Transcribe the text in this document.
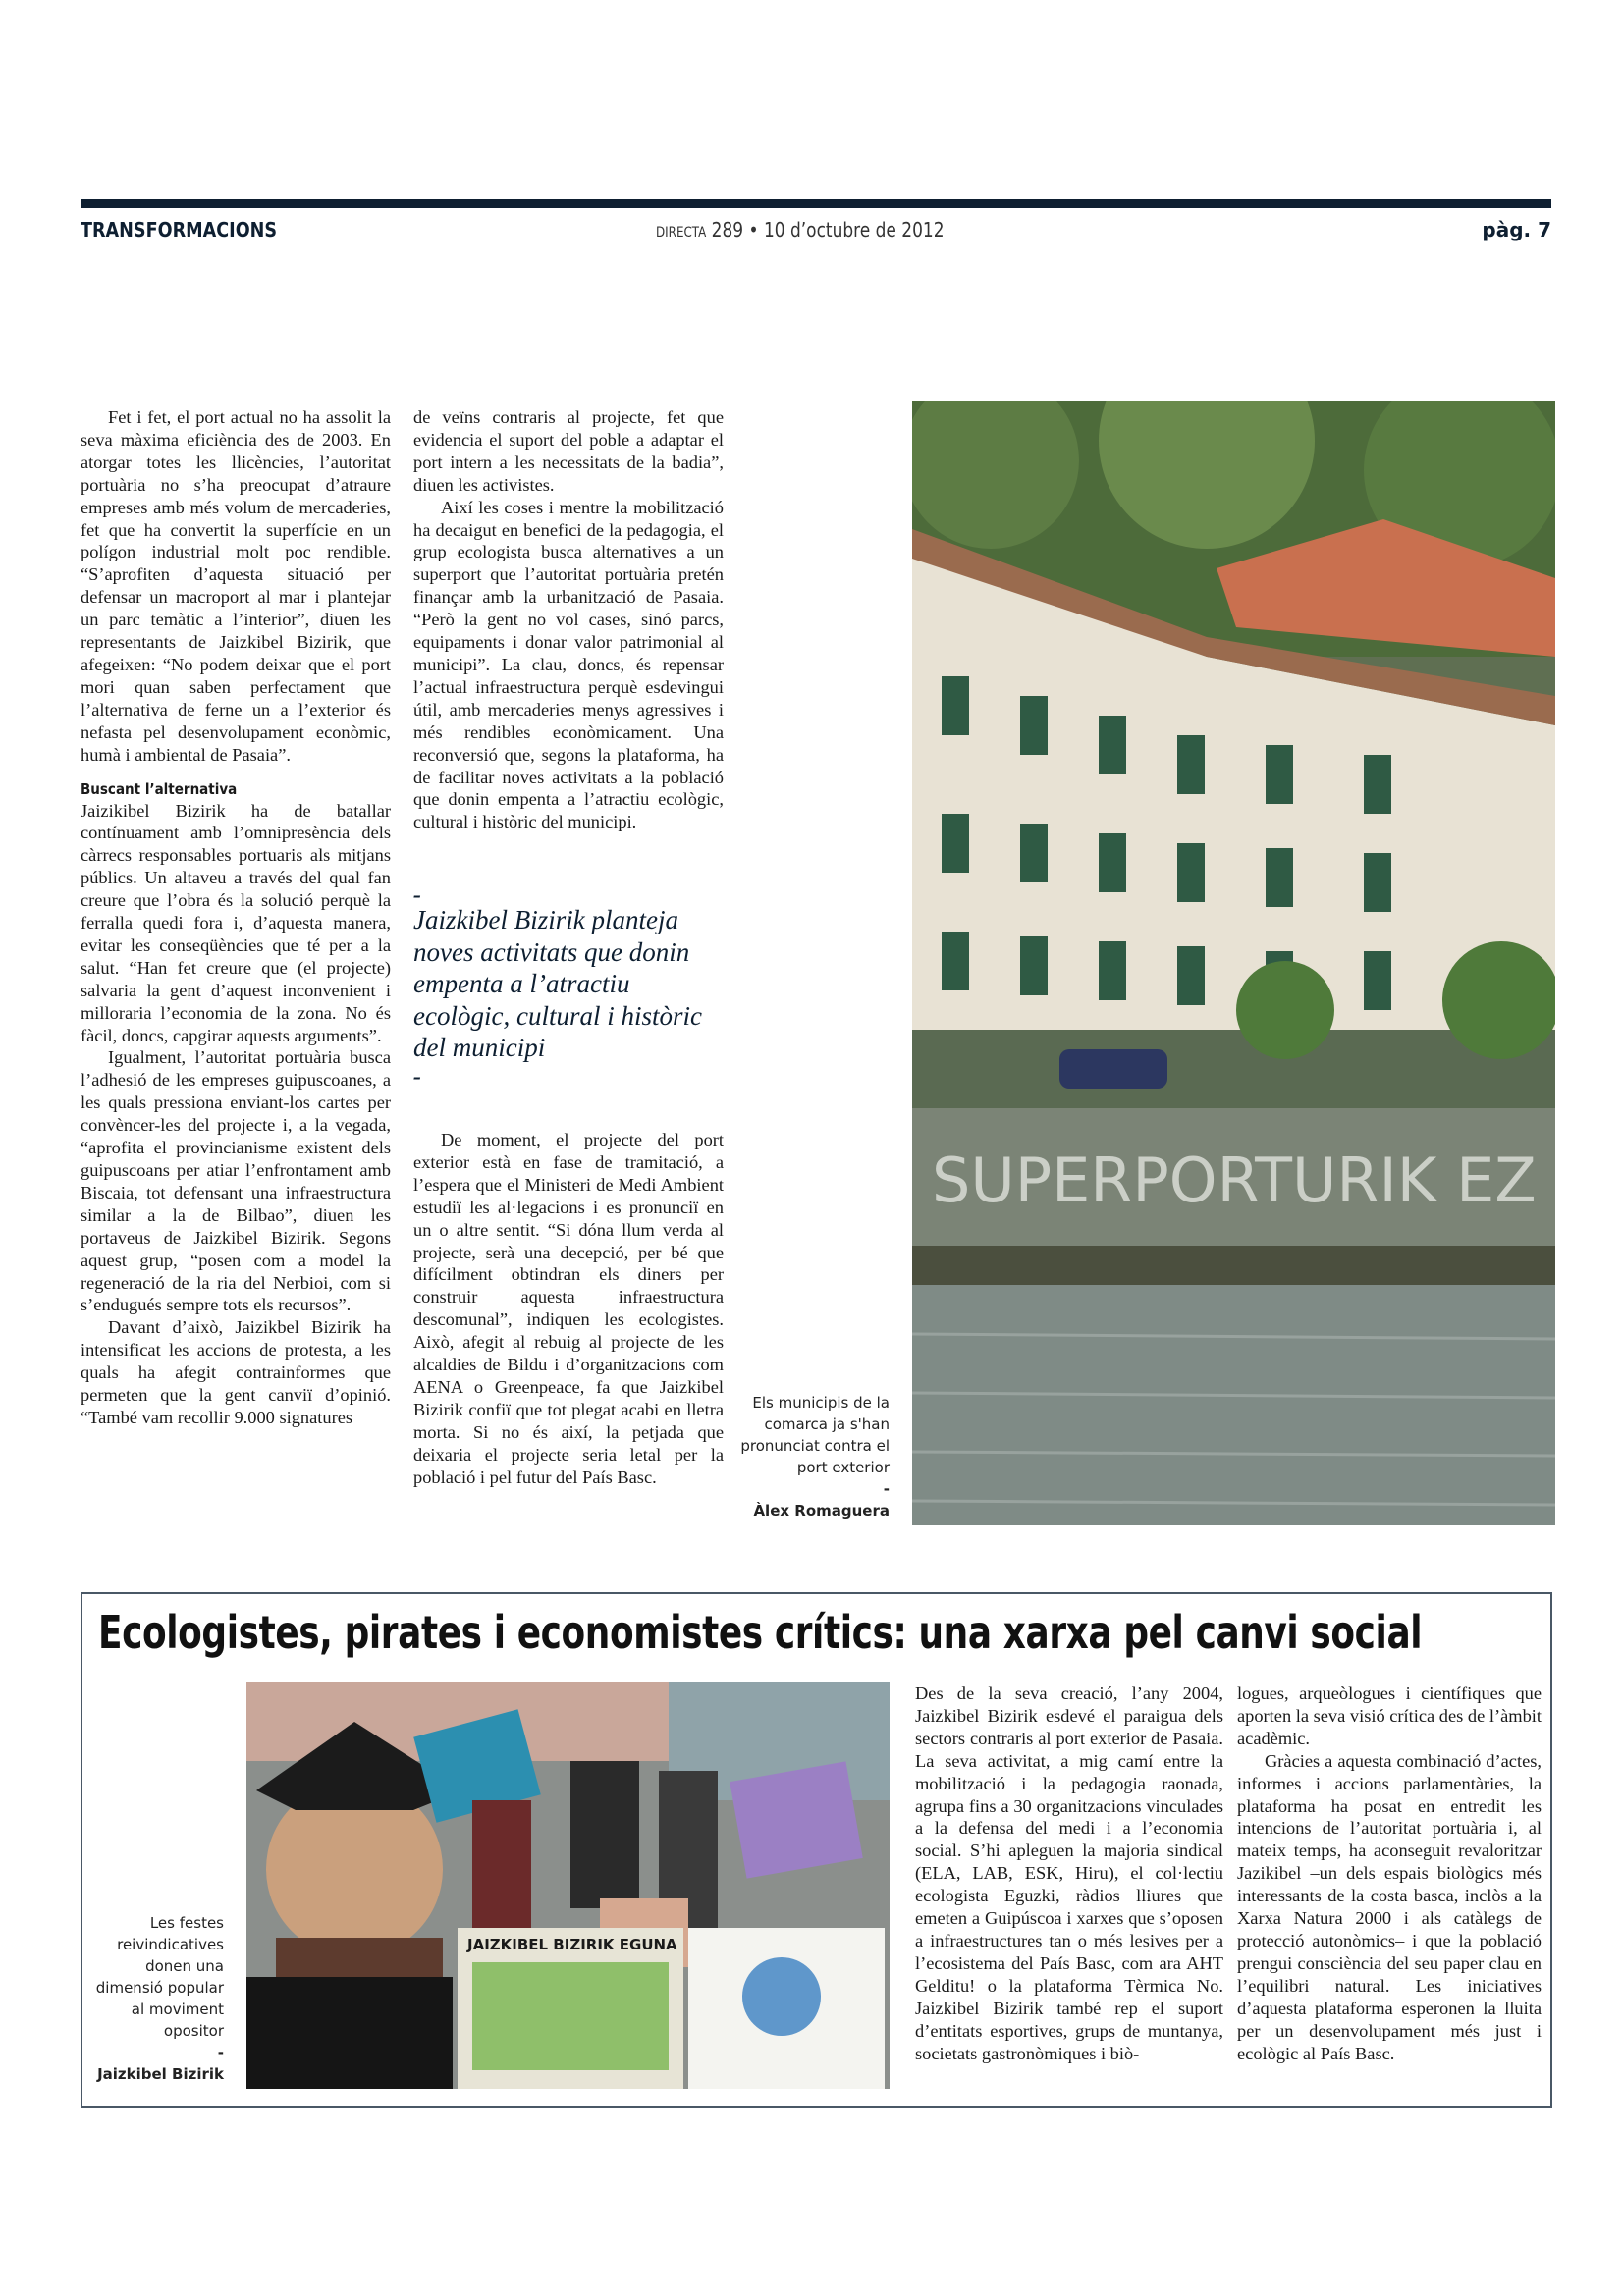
TRANSFORMACIONS	DIRECTA 289 • 10 d’octubre de 2012	pàg. 7

Fet i fet, el port actual no ha assolit la seva màxima eficiència des de 2003. En atorgar totes les llicències, l’autoritat portuària no s’ha preocupat d’atraure empreses amb més volum de mercaderies, fet que ha convertit la superfície en un polígon industrial molt poc rendible. “S’aprofiten d’aquesta situació per defensar un macroport al mar i plantejar un parc temàtic a l’interior”, diuen les representants de Jaizkibel Bizirik, que afegeixen: “No podem deixar que el port mori quan saben perfectament que l’alternativa de ferne un a l’exterior és nefasta pel desenvolupament econòmic, humà i ambiental de Pasaia”.

Buscant l’alternativa

Jaizikibel Bizirik ha de batallar contínuament amb l’omnipresència dels càrrecs responsables portuaris als mitjans públics. Un altaveu a través del qual fan creure que l’obra és la solució perquè la ferralla quedi fora i, d’aquesta manera, evitar les conseqüències que té per a la salut. “Han fet creure que (el projecte) salvaria la gent d’aquest inconvenient i milloraria l’economia de la zona. No és fàcil, doncs, capgirar aquests arguments”.

Igualment, l’autoritat portuària busca l’adhesió de les empreses guipuscoanes, a les quals pressiona enviant-los cartes per convèncer-les del projecte i, a la vegada, “aprofita el provincianisme existent dels guipuscoans per atiar l’enfrontament amb Biscaia, tot defensant una infraestructura similar a la de Bilbao”, diuen les portaveus de Jaizkibel Bizirik. Segons aquest grup, “posen com a model la regeneració de la ria del Nerbioi, com si s’endugués sempre tots els recursos”.

Davant d’això, Jaizikbel Bizirik ha intensificat les accions de protesta, a les quals ha afegit contrainformes que permeten que la gent canviï d’opinió. “També vam recollir 9.000 signatures

de veïns contraris al projecte, fet que evidencia el suport del poble a adaptar el port intern a les necessitats de la badia”, diuen les activistes.

Així les coses i mentre la mobilització ha decaigut en benefici de la pedagogia, el grup ecologista busca alternatives a un superport que l’autoritat portuària pretén finançar amb la urbanització de Pasaia. “Però la gent no vol cases, sinó parcs, equipaments i donar valor patrimonial al municipi”. La clau, doncs, és repensar l’actual infraestructura perquè esdevingui útil, amb mercaderies menys agressives i més rendibles econòmicament. Una reconversió que, segons la plataforma, ha de facilitar noves activitats a la població que donin empenta a l’atractiu ecològic, cultural i històric del municipi.

–
Jaizkibel Bizirik planteja noves activitats que donin empenta a l’atractiu ecològic, cultural i històric del municipi
–

De moment, el projecte del port exterior està en fase de tramitació, a l’espera que el Ministeri de Medi Ambient estudiï les al·legacions i es pronunciï en un o altre sentit. “Si dóna llum verda al projecte, serà una decepció, per bé que difícilment obtindran els diners per construir aquesta infraestructura descomunal”, indiquen les ecologistes. Això, afegit al rebuig al projecte de les alcaldies de Bildu i d’organitzacions com AENA o Greenpeace, fa que Jaizkibel Bizirik confiï que tot plegat acabi en lletra morta. Si no és així, la petjada que deixaria el projecte seria letal per la població i pel futur del País Basc.

SUPERPORTURIK EZ
Els municipis de la comarca ja s'han pronunciat contra el port exterior
-
Àlex Romaguera
Ecologistes, pirates i economistes crítics: una xarxa pel canvi social
JAIZKIBEL BIZIRIK EGUNA
Les festes reivindicatives donen una dimensió popular al moviment opositor
-
Jaizkibel Bizirik

Des de la seva creació, l’any 2004, Jaizkibel Bizirik esdevé el paraigua dels sectors contraris al port exterior de Pasaia. La seva activitat, a mig camí entre la mobilització i la pedagogia raonada, agrupa fins a 30 organitzacions vinculades a la defensa del medi i a l’economia social. S’hi apleguen la majoria sindical (ELA, LAB, ESK, Hiru), el col·lectiu ecologista Eguzki, ràdios lliures que emeten a Guipúscoa i xarxes que s’oposen a infraestructures tan o més lesives per a l’ecosistema del País Basc, com ara AHT Gelditu! o la plataforma Tèrmica No. Jaizkibel Bizirik també rep el suport d’entitats esportives, grups de muntanya, societats gastronòmiques i biò-

logues, arqueòlogues i científiques que aporten la seva visió crítica des de l’àmbit acadèmic.

Gràcies a aquesta combinació d’actes, informes i accions parlamentàries, la plataforma ha posat en entredit les intencions de l’autoritat portuària i, al mateix temps, ha aconseguit revaloritzar Jazikibel –un dels espais biològics més interessants de la costa basca, inclòs a la Xarxa Natura 2000 i als catàlegs de protecció autonòmics– i que la població prengui consciència del seu paper clau en l’equilibri natural. Les iniciatives d’aquesta plataforma esperonen la lluita per un desenvolupament més just i ecològic al País Basc.
